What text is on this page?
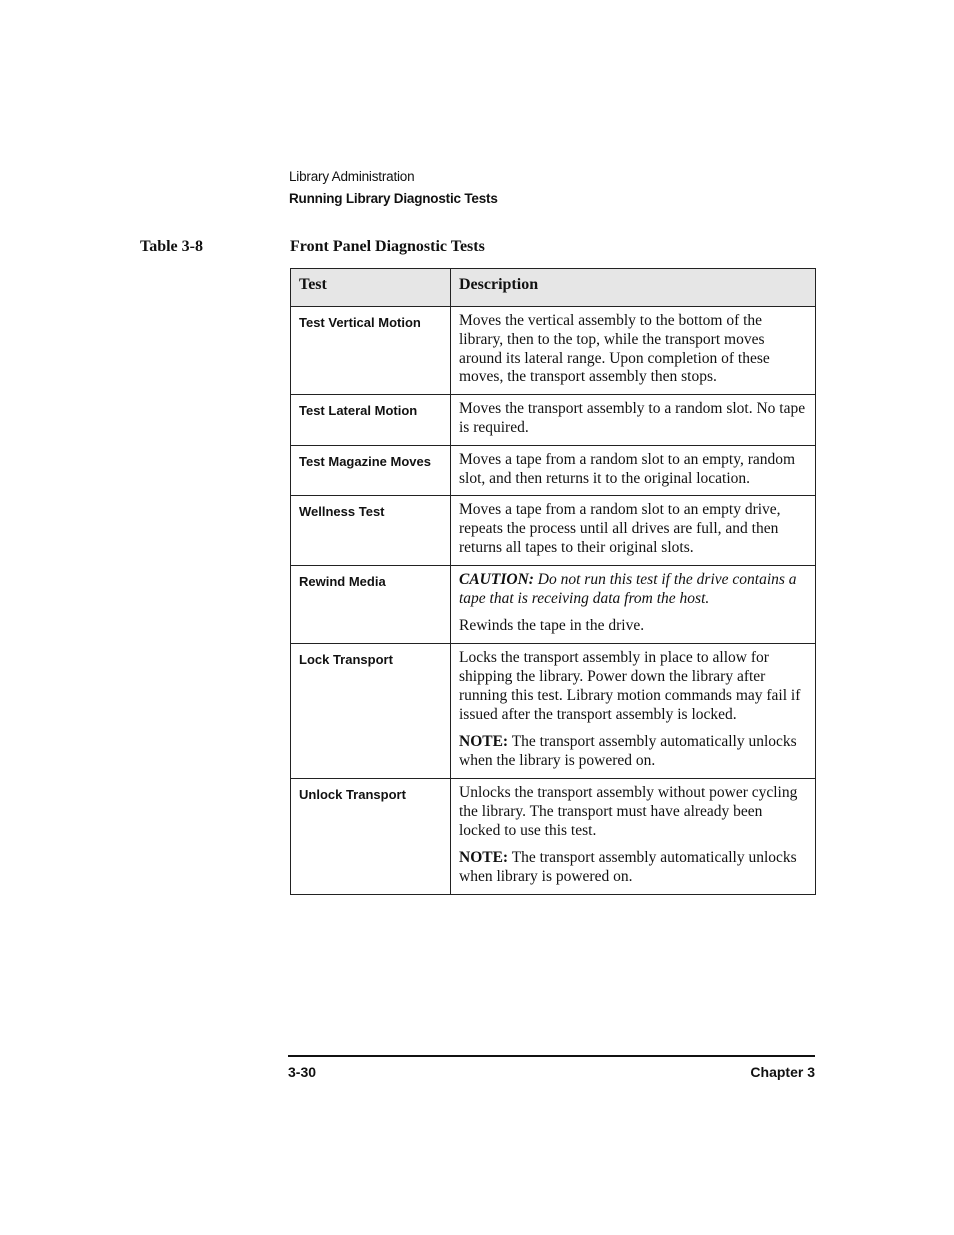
Library Administration
Running Library Diagnostic Tests
Table 3-8	Front Panel Diagnostic Tests
Test	Description
Test Vertical Motion	Moves the vertical assembly to the bottom of the library, then to the top, while the transport moves around its lateral range. Upon completion of these moves, the transport assembly then stops.

Test Lateral Motion	Moves the transport assembly to a random slot. No tape is required.

Test Magazine Moves	Moves a tape from a random slot to an empty, random slot, and then returns it to the original location.

Wellness Test	Moves a tape from a random slot to an empty drive, repeats the process until all drives are full, and then returns all tapes to their original slots.

Rewind Media	CAUTION: Do not run this test if the drive contains a tape that is receiving data from the host.

Rewinds the tape in the drive.

Lock Transport	Locks the transport assembly in place to allow for shipping the library. Power down the library after running this test. Library motion commands may fail if issued after the transport assembly is locked.

NOTE: The transport assembly automatically unlocks when the library is powered on.

Unlock Transport	Unlocks the transport assembly without power cycling the library. The transport must have already been locked to use this test.

NOTE: The transport assembly automatically unlocks when library is powered on.

3-30	Chapter 3
